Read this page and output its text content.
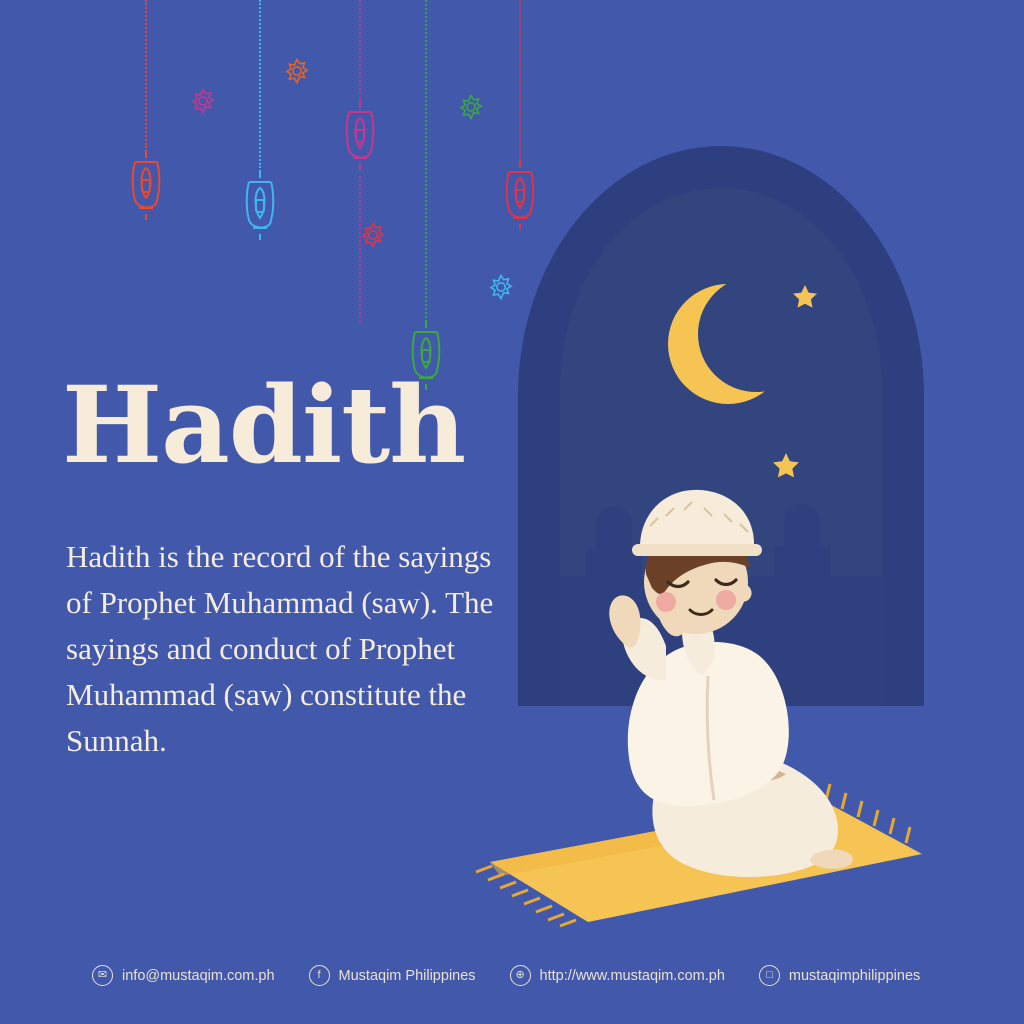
Hadith
Hadith is the record of the sayings of Prophet Muhammad (saw). The sayings and conduct of Prophet Muhammad (saw) constitute the Sunnah.
✉	info@mustaqim.com.ph	f	Mustaqim Philippines	⊕	http://www.mustaqim.com.ph	□	mustaqimphilippines
